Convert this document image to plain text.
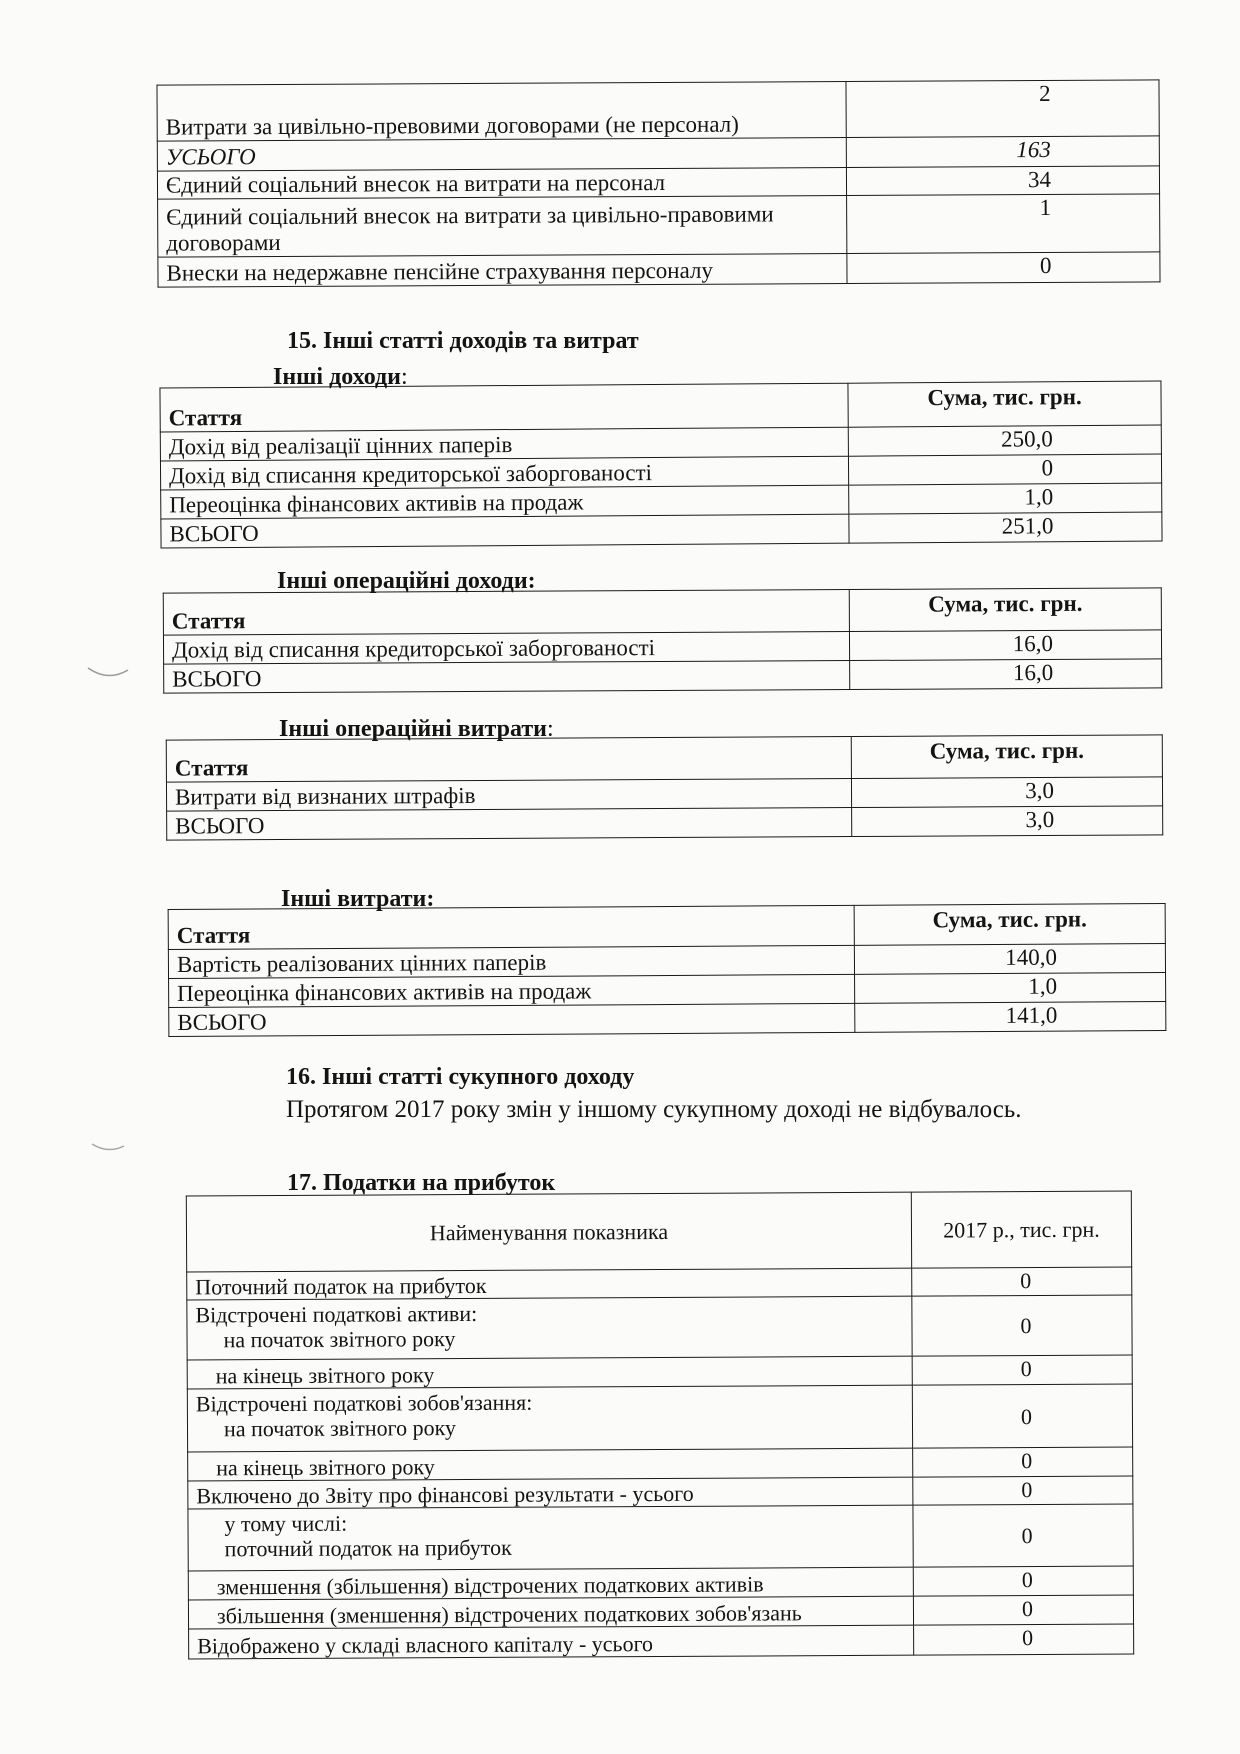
Витрати за цивільно-превовими договорами (не персонал)	2
УСЬОГО	163
Єдиний соціальний внесок на витрати на персонал	34
Єдиний соціальний внесок на витрати за цивільно-правовими договорами	1
Внески на недержавне пенсійне страхування персоналу	0
15. Інші статті доходів та витрат
Інші доходи:
Стаття	Сума, тис. грн.
Дохід від реалізації цінних паперів	250,0
Дохід від списання кредиторської заборгованості	0
Переоцінка фінансових активів на продаж	1,0
ВСЬОГО	251,0
Інші операційні доходи:
Стаття	Сума, тис. грн.
Дохід від списання кредиторської заборгованості	16,0
ВСЬОГО	16,0
Інші операційні витрати:
Стаття	Сума, тис. грн.
Витрати від визнаних штрафів	3,0
ВСЬОГО	3,0
Інші витрати:
Стаття	Сума, тис. грн.
Вартість реалізованих цінних паперів	140,0
Переоцінка фінансових активів на продаж	1,0
ВСЬОГО	141,0
16. Інші статті сукупного доходу
Протягом 2017 року змін у іншому сукупному доході не відбувалось.
17. Податки на прибуток
Найменування показника	2017 р., тис. грн.
Поточний податок на прибуток	0

Відстрочені податкові активи:
на початок звітного року	0
на кінець звітного року	0

Відстрочені податкові зобов'язання:
на початок звітного року	0
на кінець звітного року	0
Включено до Звіту про фінансові результати - усього	0

у тому числі:
поточний податок на прибуток	0
зменшення (збільшення) відстрочених податкових активів	0
збільшення (зменшення) відстрочених податкових зобов'язань	0
Відображено у складі власного капіталу - усього	0
